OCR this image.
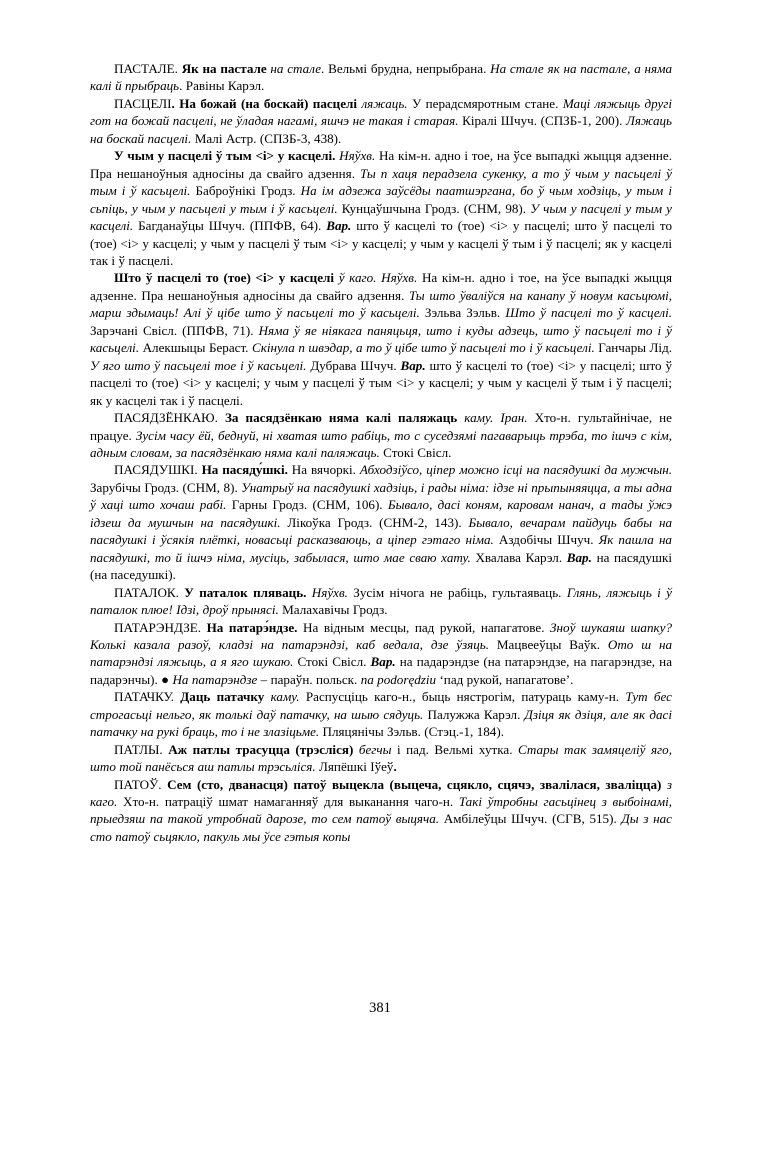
ПАСТАЛЕ. Як на пастале на стале. Вельмі брудна, непрыбрана. На стале як на пастале, а няма калі й прыбраць. Равіны Карэл.

ПАСЦЕЛІ. На божай (на боскай) пасцелі ляжаць. У перадсмяротным стане. Маці ляжыць другі гот на божай пасцелі, не ўладая нагамі, яшчэ не такая і старая. Кіралі Шчуч. (СПЗБ-1, 200). Ляжаць на боскай пасцелі. Малі Астр. (СПЗБ-3, 438).

У чым у пасцелі ў тым <i> у касцелі. Няўхв. На кім-н. адно і тое, на ўсе выпадкі жыцця адзенне. Пра нешаноўныя адносіны да свайго адзення. Ты п хаця перадзела сукенку, а то ў чым у пасьцелі ў тым і ў касьцелі. Баброўнікі Гродз. На ім адзежа заўсёды паатшэргана, бо ў чым ходзіць, у тым і сьпіць, у чым у пасьцелі у тым і ў касьцелі. Кунцаўшчына Гродз. (СНМ, 98). У чым у пасцелі у тым у касцелі. Багданаўцы Шчуч. (ППФВ, 64). Вар. што ў касцелі то (тое) <i> у пасцелі; што ў пасцелі то (тое) <i> у касцелі; у чым у пасцелі ў тым <i> у касцелі; у чым у касцелі ў тым і ў пасцелі; як у касцелі так і ў пасцелі.

Што ў пасцелі то (тое) <i> у касцелі ў каго. Няўхв. На кім-н. адно і тое, на ўсе выпадкі жыцця адзенне. Пра нешаноўныя адносіны да свайго адзення. Ты што ўваліўся на канапу ў новум касьцюмі, марш здымаць! Алі ў цібе што ў пасьцелі то ў касьцелі. Зэльва Зэльв. Што ў пасцелі то ў касцелі. Зарэчані Свісл. (ППФВ, 71). Няма ў яе ніякага паняцьця, што і куды адзець, што ў пасьцелі то і ў касьцелі. Алекшыцы Бераст. Скінула п швэдар, а то ў цібе што ў пасьцелі то і ў касьцелі. Ганчары Лід. У яго што ў пасьцелі тое і ў касьцелі. Дубрава Шчуч. Вар. што ў касцелі то (тое) <i> у пасцелі; што ў пасцелі то (тое) <i> у касцелі; у чым у пасцелі ў тым <i> у касцелі; у чым у касцелі ў тым і ў пасцелі; як у касцелі так і ў пасцелі.

ПАСЯДЗЁНКАЮ. За пасядзёнкаю няма калі паляжаць каму. Іран. Хто-н. гультайнічае, не працуе. Зусім часу ёй, беднуй, ні хватая што рабіць, то с суседзямі пагаварыць трэба, то ішчэ с кім, адным словам, за пасядзёнкаю няма калі паляжаць. Стокі Свісл.

ПАСЯДУШКІ. На пасяду́шкі. На вячоркі. Абходзіўсо, ціпер можно ісці на пасядушкі да мужчын. Зарубічы Гродз. (СНМ, 8). Унатрыў на пасядушкі хадзіць, і рады німа: ідзе ні прыпыняяцца, а ты адна ў хаці што хочаш рабі. Гарны Гродз. (СНМ, 106). Бывало, дасі коням, каровам нанач, а тады ўжэ ідзеш да мушчын на пасядушкі. Лікоўка Гродз. (СНМ-2, 143). Бывало, вечарам пайдуць бабы на пасядушкі і ўсякія плёткі, новасьці расказваюць, а ціпер гэтаго німа. Аздобічы Шчуч. Як пашла на пасядушкі, то й ішчэ німа, мусіць, забылася, што мае сваю хату. Хвалава Карэл. Вар. на пасядушкі (на паседушкі).

ПАТАЛОК. У паталок пляваць. Няўхв. Зусім нічога не рабіць, гультаяваць. Глянь, ляжыць і ў паталок плюе! Ідзі, дроў прынясі. Малахавічы Гродз.

ПАТАРЭНДЗЕ. На патарэ́ндзе. На відным месцы, пад рукой, напагатове. Зноў шукаяш шапку? Колькі казала разоў, кладзі на патарэндзі, каб ведала, дзе ўзяць. Мацвееўцы Ваўк. Ото ш на патарэндзі ляжыць, а я яго шукаю. Стокі Свісл. Вар. на падарэндзе (на патарэндзе, на пагарэндзе, на падарэнчы). ● На патарэндзе – параўн. польск. na podorędziu ‘пад рукой, напагатове’.

ПАТАЧКУ. Даць патачку каму. Распусціць каго-н., быць нястрогім, патураць каму-н. Тут бес строгасьці нельго, як толькі даў патачку, на шыю сядуць. Палужжа Карэл. Дзіця як дзіця, але як дасі патачку на рукі браць, то і не злазіцьме. Пляцянічы Зэльв. (Стэц.-1, 184).

ПАТЛЫ. Аж патлы трасуцца (трэсліся) бегчы і пад. Вельмі хутка. Стары так замяцеліў яго, што той панёсься аш патлы трэсьліся. Ляпёшкі Іўеў.

ПАТОЎ. Сем (сто, дванасця) патоў выцекла (выцеча, сцякло, сцячэ, звалілася, зваліцца) з каго. Хто-н. патраціў шмат намаганняў для выканання чаго-н. Такі ўтробны гасьцінец з выбоінамі, прыедзяш па такой утробнай дарозе, то сем патоў выцяча. Амбілеўцы Шчуч. (СГВ, 515). Ды з нас сто патоў сьцякло, пакуль мы ўсе гэтыя копы

381
